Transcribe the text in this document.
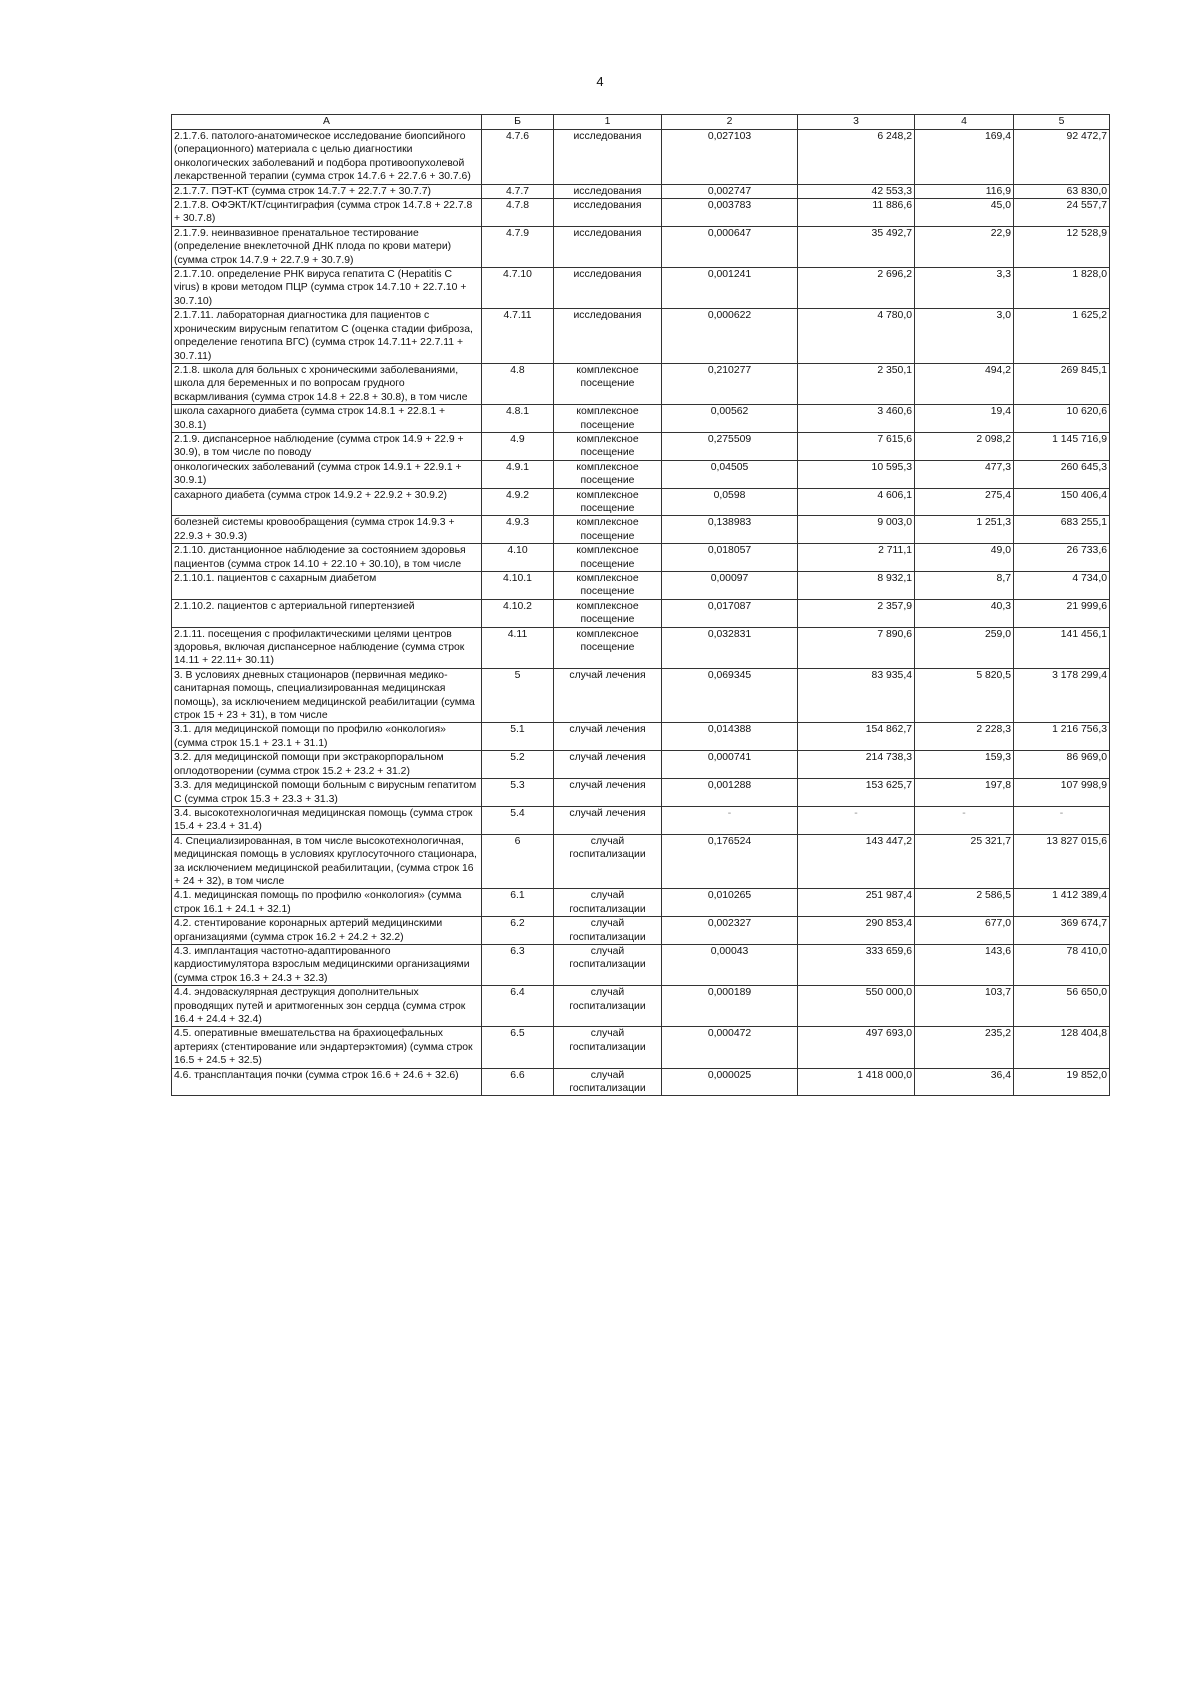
4
А	Б	1	2	3	4	5
2.1.7.6. патолого-анатомическое исследование биопсийного (операционного) материала с целью диагностики онкологических заболеваний и подбора противоопухолевой лекарственной терапии (сумма строк 14.7.6 + 22.7.6 + 30.7.6)	4.7.6	исследования	0,027103	6 248,2	169,4	92 472,7
2.1.7.7. ПЭТ-КТ (сумма строк 14.7.7 + 22.7.7 + 30.7.7)	4.7.7	исследования	0,002747	42 553,3	116,9	63 830,0
2.1.7.8. ОФЭКТ/КТ/сцинтиграфия (сумма строк 14.7.8 + 22.7.8 + 30.7.8)	4.7.8	исследования	0,003783	11 886,6	45,0	24 557,7
2.1.7.9. неинвазивное пренатальное тестирование (определение внеклеточной ДНК плода по крови матери) (сумма строк 14.7.9 + 22.7.9 + 30.7.9)	4.7.9	исследования	0,000647	35 492,7	22,9	12 528,9
2.1.7.10. определение РНК вируса гепатита С (Hepatitis C virus) в крови методом ПЦР (сумма строк 14.7.10 + 22.7.10 + 30.7.10)	4.7.10	исследования	0,001241	2 696,2	3,3	1 828,0
2.1.7.11. лабораторная диагностика для пациентов с хроническим вирусным гепатитом С (оценка стадии фиброза, определение генотипа ВГС) (сумма строк 14.7.11+ 22.7.11 + 30.7.11)	4.7.11	исследования	0,000622	4 780,0	3,0	1 625,2
2.1.8. школа для больных с хроническими заболеваниями, школа для беременных и по вопросам грудного вскармливания (сумма строк 14.8 + 22.8 + 30.8), в том числе	4.8	комплексное посещение	0,210277	2 350,1	494,2	269 845,1
школа сахарного диабета (сумма строк 14.8.1 + 22.8.1 + 30.8.1)	4.8.1	комплексное посещение	0,00562	3 460,6	19,4	10 620,6
2.1.9. диспансерное наблюдение (сумма строк 14.9 + 22.9 + 30.9), в том числе по поводу	4.9	комплексное посещение	0,275509	7 615,6	2 098,2	1 145 716,9
онкологических заболеваний (сумма строк 14.9.1 + 22.9.1 + 30.9.1)	4.9.1	комплексное посещение	0,04505	10 595,3	477,3	260 645,3
сахарного диабета (сумма строк 14.9.2 + 22.9.2 + 30.9.2)	4.9.2	комплексное посещение	0,0598	4 606,1	275,4	150 406,4
болезней системы кровообращения (сумма строк 14.9.3 + 22.9.3 + 30.9.3)	4.9.3	комплексное посещение	0,138983	9 003,0	1 251,3	683 255,1
2.1.10. дистанционное наблюдение за состоянием здоровья пациентов (сумма строк 14.10 + 22.10 + 30.10), в том числе	4.10	комплексное посещение	0,018057	2 711,1	49,0	26 733,6
2.1.10.1. пациентов с сахарным диабетом	4.10.1	комплексное посещение	0,00097	8 932,1	8,7	4 734,0
2.1.10.2. пациентов с артериальной гипертензией	4.10.2	комплексное посещение	0,017087	2 357,9	40,3	21 999,6
2.1.11. посещения с профилактическими целями центров здоровья, включая диспансерное наблюдение (сумма строк 14.11 + 22.11+ 30.11)	4.11	комплексное посещение	0,032831	7 890,6	259,0	141 456,1
3. В условиях дневных стационаров (первичная медико-санитарная помощь, специализированная медицинская помощь), за исключением медицинской реабилитации (сумма строк 15 + 23 + 31), в том числе	5	случай лечения	0,069345	83 935,4	5 820,5	3 178 299,4
3.1. для медицинской помощи по профилю «онкология» (сумма строк 15.1 + 23.1 + 31.1)	5.1	случай лечения	0,014388	154 862,7	2 228,3	1 216 756,3
3.2. для медицинской помощи при экстракорпоральном оплодотворении (сумма строк 15.2 + 23.2 + 31.2)	5.2	случай лечения	0,000741	214 738,3	159,3	86 969,0
3.3. для медицинской помощи больным с вирусным гепатитом С (сумма строк 15.3 + 23.3 + 31.3)	5.3	случай лечения	0,001288	153 625,7	197,8	107 998,9
3.4. высокотехнологичная медицинская помощь (сумма строк 15.4 + 23.4 + 31.4)	5.4	случай лечения	-	-	-	-
4. Специализированная, в том числе высокотехнологичная, медицинская помощь в условиях круглосуточного стационара, за исключением медицинской реабилитации, (сумма строк 16 + 24 + 32), в том числе	6	случай госпитализации	0,176524	143 447,2	25 321,7	13 827 015,6
4.1. медицинская помощь по профилю «онкология» (сумма строк 16.1 + 24.1 + 32.1)	6.1	случай госпитализации	0,010265	251 987,4	2 586,5	1 412 389,4
4.2. стентирование коронарных артерий медицинскими организациями (сумма строк 16.2 + 24.2 + 32.2)	6.2	случай госпитализации	0,002327	290 853,4	677,0	369 674,7
4.3. имплантация частотно-адаптированного кардиостимулятора взрослым медицинскими организациями (сумма строк 16.3 + 24.3 + 32.3)	6.3	случай госпитализации	0,00043	333 659,6	143,6	78 410,0
4.4. эндоваскулярная деструкция дополнительных проводящих путей и аритмогенных зон сердца (сумма строк 16.4 + 24.4 + 32.4)	6.4	случай госпитализации	0,000189	550 000,0	103,7	56 650,0
4.5. оперативные вмешательства на брахиоцефальных артериях (стентирование или эндартерэктомия) (сумма строк 16.5 + 24.5 + 32.5)	6.5	случай госпитализации	0,000472	497 693,0	235,2	128 404,8
4.6. трансплантация почки (сумма строк 16.6 + 24.6 + 32.6)	6.6	случай госпитализации	0,000025	1 418 000,0	36,4	19 852,0
